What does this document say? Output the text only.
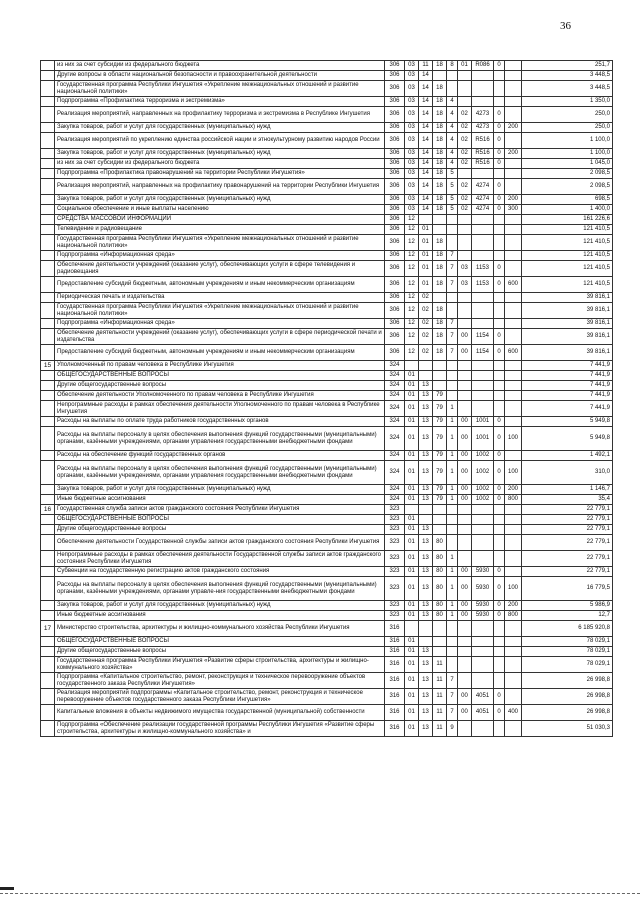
36
	из них за счет субсидии из федерального бюджета	306	03	11	18	8	01	R086	0		251,7
	Другие вопросы в области национальной безопасности и правоохранительной деятельности	306	03	14							3 448,5
	Государственная программа Республики Ингушетия «Укрепление межнациональных отношений и развитие национальной политики»	306	03	14	18						3 448,5
	Подпрограмма «Профилактика терроризма и экстремизма»	306	03	14	18	4					1 350,0
	Реализация мероприятий, направленных на профилактику терроризма и экстремизма в Республике Ингушетия	306	03	14	18	4	02	4273	0		250,0
	Закупка товаров, работ и услуг для государственных (муниципальных) нужд	306	03	14	18	4	02	4273	0	200	250,0
	Реализация мероприятий по укреплению единства российской нации и этнокультурному развитию народов России	306	03	14	18	4	02	R516	0		1 100,0
	Закупка товаров, работ и услуг для государственных (муниципальных) нужд	306	03	14	18	4	02	R516	0	200	1 100,0
	из них за счет субсидии из федерального бюджета	306	03	14	18	4	02	R516	0		1 045,0
	Подпрограмма «Профилактика правонарушений на территории Республики Ингушетия»	306	03	14	18	5					2 098,5
	Реализация мероприятий, направленных на профилактику правонарушений на территории Республики Ингушетия	306	03	14	18	5	02	4274	0		2 098,5
	Закупка товаров, работ и услуг для государственных (муниципальных) нужд	306	03	14	18	5	02	4274	0	200	698,5
	Социальное обеспечение и иные выплаты населению	306	03	14	18	5	02	4274	0	300	1 400,0
	СРЕДСТВА МАССОВОЙ ИНФОРМАЦИИ	306	12								161 226,6
	Телевидение и радиовещание	306	12	01							121 410,5
	Государственная программа Республики Ингушетия «Укрепление межнациональных отношений и развитие национальной политики»	306	12	01	18						121 410,5
	Подпрограмма «Информационная среда»	306	12	01	18	7					121 410,5
	Обеспечение деятельности учреждений (оказание услуг), обеспечивающих услуги в сфере телевидения и радиовещания	306	12	01	18	7	03	1153	0		121 410,5
	Предоставление субсидий бюджетным, автономным учреждениям и иным некоммерческим организациям	306	12	01	18	7	03	1153	0	600	121 410,5
	Периодическая печать и издательства	306	12	02							39 816,1
	Государственная программа Республики Ингушетия «Укрепление межнациональных отношений и развитие национальной политики»	306	12	02	18						39 816,1
	Подпрограмма «Информационная среда»	306	12	02	18	7					39 816,1
	Обеспечение деятельности учреждений (оказание услуг), обеспечивающих услуги в сфере периодической печати и издательства	306	12	02	18	7	00	1154	0		39 816,1
	Предоставление субсидий бюджетным, автономным учреждениям и иным некоммерческим организациям	306	12	02	18	7	00	1154	0	600	39 816,1
15	Уполномоченный по правам человека в Республике Ингушетия	324									7 441,9
	ОБЩЕГОСУДАРСТВЕННЫЕ ВОПРОСЫ	324	01								7 441,9
	Другие общегосударственные вопросы	324	01	13							7 441,9
	Обеспечение деятельности Уполномоченного по правам человека в Республике Ингушетия	324	01	13	79						7 441,9
	Непрограммные расходы в рамках обеспечения деятельности Уполномоченного по правам человека в Республике Ингушетия	324	01	13	79	1					7 441,9
	Расходы на выплаты по оплате труда работников государственных органов	324	01	13	79	1	00	1001	0		5 949,8
	Расходы на выплаты персоналу в целях обеспечения выполнения функций государственными (муниципальными) органами, казёнными учреждениями, органами управления государственными внебюджетными фондами	324	01	13	79	1	00	1001	0	100	5 949,8
	Расходы на обеспечение функций государственных органов	324	01	13	79	1	00	1002	0		1 492,1
	Расходы на выплаты персоналу в целях обеспечения выполнения функций государственными (муниципальными) органами, казёнными учреждениями, органами управления государственными внебюджетными фондами	324	01	13	79	1	00	1002	0	100	310,0
	Закупка товаров, работ и услуг для государственных (муниципальных) нужд	324	01	13	79	1	00	1002	0	200	1 146,7
	Иные бюджетные ассигнования	324	01	13	79	1	00	1002	0	800	35,4
16	Государственная служба записи актов гражданского состояния Республики Ингушетия	323									22 779,1
	ОБЩЕГОСУДАРСТВЕННЫЕ ВОПРОСЫ	323	01								22 779,1
	Другие общегосударственные вопросы	323	01	13							22 779,1
	Обеспечение деятельности Государственной службы записи актов гражданского состояния Республики Ингушетия	323	01	13	80						22 779,1
	Непрограммные расходы в рамках обеспечения деятельности Государственной службы записи актов гражданского состояния Республики Ингушетия	323	01	13	80	1					22 779,1
	Субвенции на государственную регистрацию актов гражданского состояния	323	01	13	80	1	00	5930	0		22 779,1
	Расходы на выплаты персоналу в целях обеспечения выполнения функций государственными (муниципальными) органами, казёнными учреждениями, органами управле-ния государственными внебюджетными фондами	323	01	13	80	1	00	5930	0	100	16 779,5
	Закупка товаров, работ и услуг для государственных (муниципальных) нужд	323	01	13	80	1	00	5930	0	200	5 986,9
	Иные бюджетные ассигнования	323	01	13	80	1	00	5930	0	800	12,7
17	Министерство строительства, архитектуры и жилищно-коммунального хозяйства Республики Ингушетия	316									6 185 920,8
	ОБЩЕГОСУДАРСТВЕННЫЕ ВОПРОСЫ	316	01								78 029,1
	Другие общегосударственные вопросы	316	01	13							78 029,1
	Государственная программа Республики Ингушетия «Развитие сферы строительства, архитектуры и жилищно-коммунального хозяйства»	316	01	13	11						78 029,1
	Подпрограмма «Капитальное строительство, ремонт, реконструкция и техническое перевооружение объектов государственного заказа Республики Ингушетия»	316	01	13	11	7					26 998,8
	Реализация мероприятий подпрограммы «Капитальное строительство, ремонт, реконструкция и техническое перевооружение объектов государственного заказа Республики Ингушетия»	316	01	13	11	7	00	4051	0		26 998,8
	Капитальные вложения в объекты недвижимого имущества государственной (муниципальной) собственности	316	01	13	11	7	00	4051	0	400	26 998,8
	Подпрограмма «Обеспечение реализации государственной программы Республики Ингушетия «Развитие сферы строительства, архитектуры и жилищно-коммунального хозяйства» и	316	01	13	11	9					51 030,3
